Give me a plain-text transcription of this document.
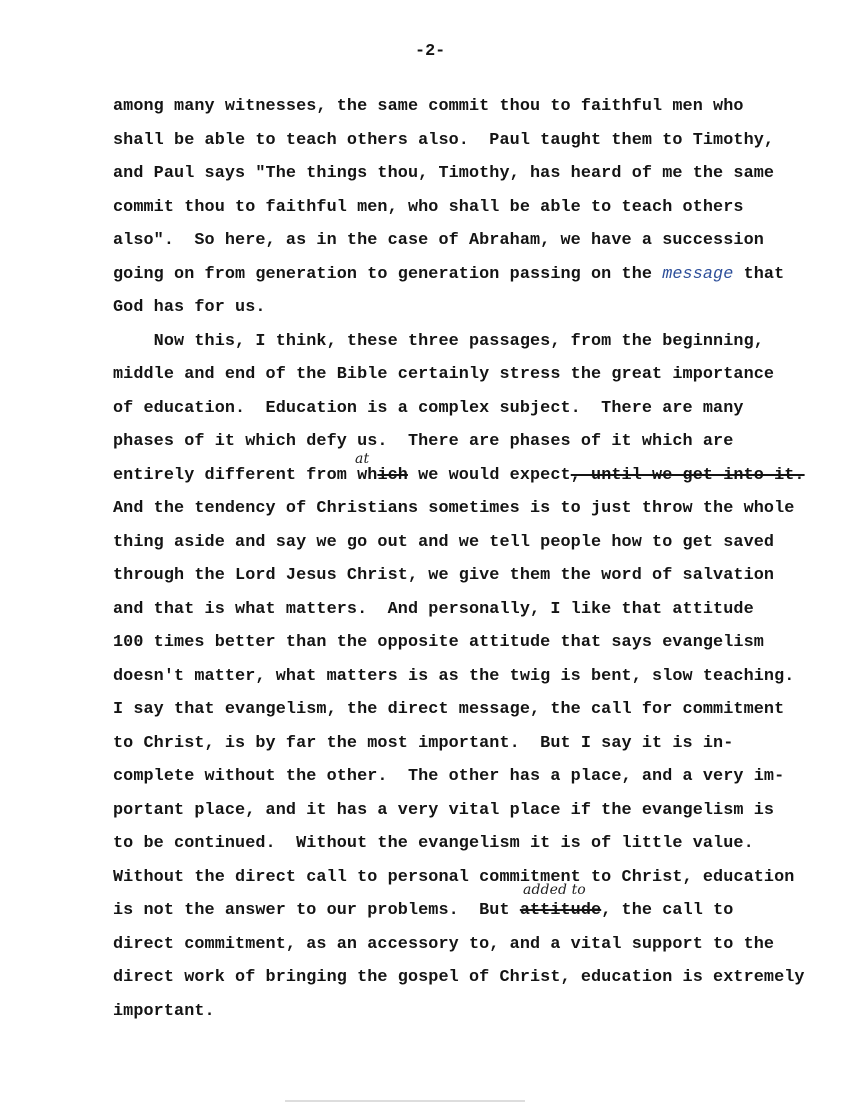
-2-
among many witnesses, the same commit thou to faithful men who
shall be able to teach others also.  Paul taught them to Timothy,
and Paul says "The things thou, Timothy, has heard of me the same
commit thou to faithful men, who shall be able to teach others
also".  So here, as in the case of Abraham, we have a succession
going on from generation to generation passing on the message that
God has for us.
Now this, I think, these three passages, from the beginning,
middle and end of the Bible certainly stress the great importance
of education.  Education is a complex subject.  There are many
phases of it which defy us.  There are phases of it which are
entirely different from which we would expect, until we get into it.
at
And the tendency of Christians sometimes is to just throw the whole
thing aside and say we go out and we tell people how to get saved
through the Lord Jesus Christ, we give them the word of salvation
and that is what matters.  And personally, I like that attitude
100 times better than the opposite attitude that says evangelism
doesn't matter, what matters is as the twig is bent, slow teaching.
I say that evangelism, the direct message, the call for commitment
to Christ, is by far the most important.  But I say it is in-
complete without the other.  The other has a place, and a very im-
portant place, and it has a very vital place if the evangelism is
to be continued.  Without the evangelism it is of little value.
Without the direct call to personal commitment to Christ, education
is not the answer to our problems.  But attitude, the call to
added to
direct commitment, as an accessory to, and a vital support to the
direct work of bringing the gospel of Christ, education is extremely
important.
